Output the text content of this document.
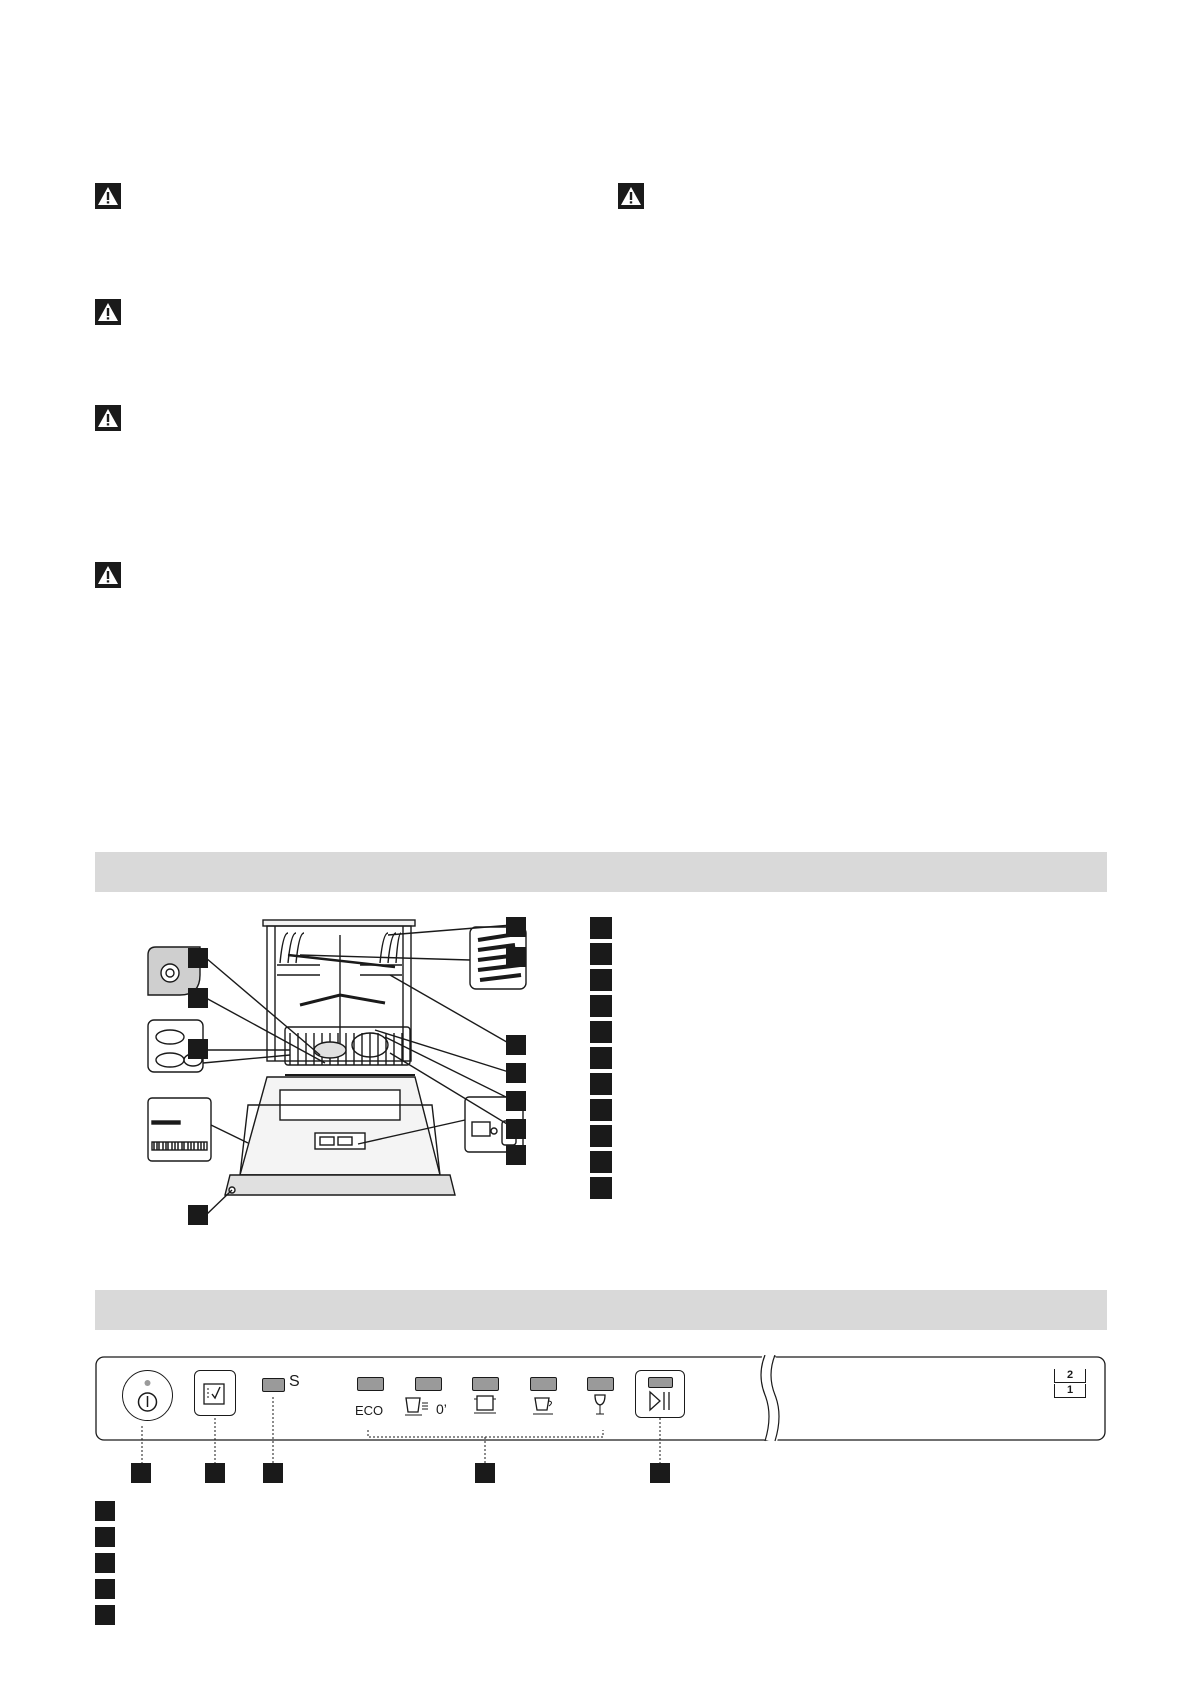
S
ECO	0’
2
1
